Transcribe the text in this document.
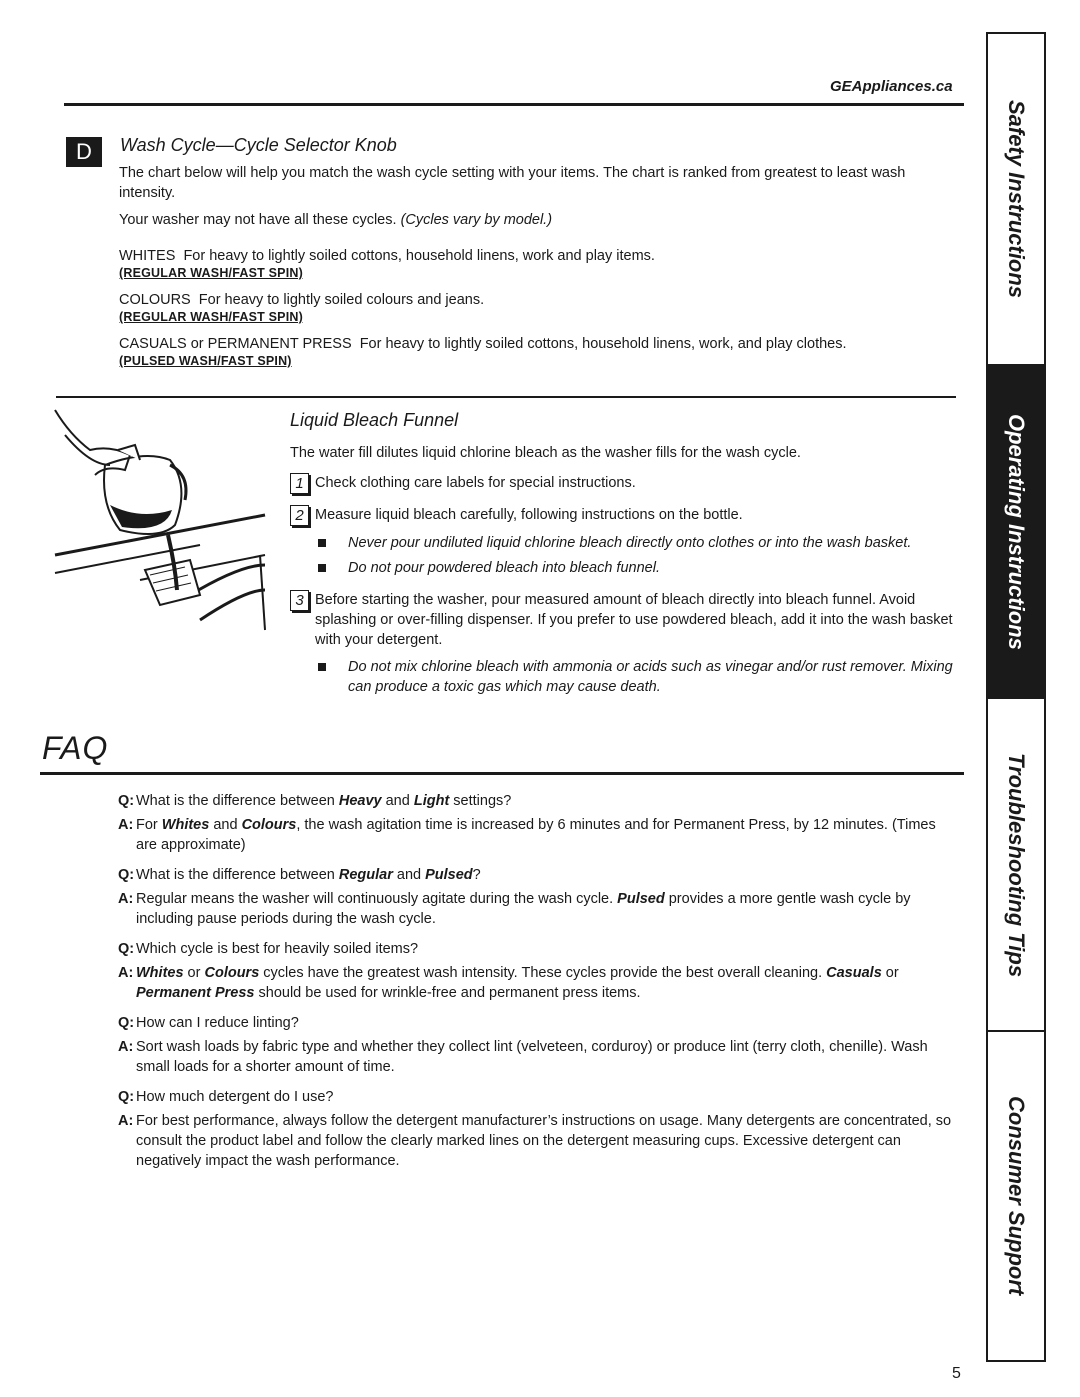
GEAppliances.ca
D	Wash Cycle—Cycle Selector Knob

The chart below will help you match the wash cycle setting with your items. The chart is ranked from greatest to least wash intensity.

Your washer may not have all these cycles. (Cycles vary by model.)

WHITES For heavy to lightly soiled cottons, household linens, work and play items.

(REGULAR WASH/FAST SPIN)

COLOURS For heavy to lightly soiled colours and jeans.

(REGULAR WASH/FAST SPIN)

CASUALS or PERMANENT PRESS For heavy to lightly soiled cottons, household linens, work, and play clothes.

(PULSED WASH/FAST SPIN)
Liquid Bleach Funnel

The water fill dilutes liquid chlorine bleach as the washer fills for the wash cycle.

1 Check clothing care labels for special instructions.
2 Measure liquid bleach carefully, following instructions on the bottle.
Never pour undiluted liquid chlorine bleach directly onto clothes or into the wash basket.
Do not pour powdered bleach into bleach funnel.
3 Before starting the washer, pour measured amount of bleach directly into bleach funnel. Avoid splashing or over-filling dispenser. If you prefer to use powdered bleach, add it into the wash basket with your detergent.
Do not mix chlorine bleach with ammonia or acids such as vinegar and/or rust remover. Mixing can produce a toxic gas which may cause death.
FAQ
Q: What is the difference between Heavy and Light settings?
A: For Whites and Colours, the wash agitation time is increased by 6 minutes and for Permanent Press, by 12 minutes. (Times are approximate)
Q: What is the difference between Regular and Pulsed?
A: Regular means the washer will continuously agitate during the wash cycle. Pulsed provides a more gentle wash cycle by including pause periods during the wash cycle.
Q: Which cycle is best for heavily soiled items?
A: Whites or Colours cycles have the greatest wash intensity. These cycles provide the best overall cleaning. Casuals or Permanent Press should be used for wrinkle-free and permanent press items.
Q: How can I reduce linting?
A: Sort wash loads by fabric type and whether they collect lint (velveteen, corduroy) or produce lint (terry cloth, chenille). Wash small loads for a shorter amount of time.
Q: How much detergent do I use?
A: For best performance, always follow the detergent manufacturer’s instructions on usage. Many detergents are concentrated, so consult the product label and follow the clearly marked lines on the detergent measuring cups. Excessive detergent can negatively impact the wash performance.
5
Safety Instructions
Operating Instructions
Troubleshooting Tips
Consumer Support
